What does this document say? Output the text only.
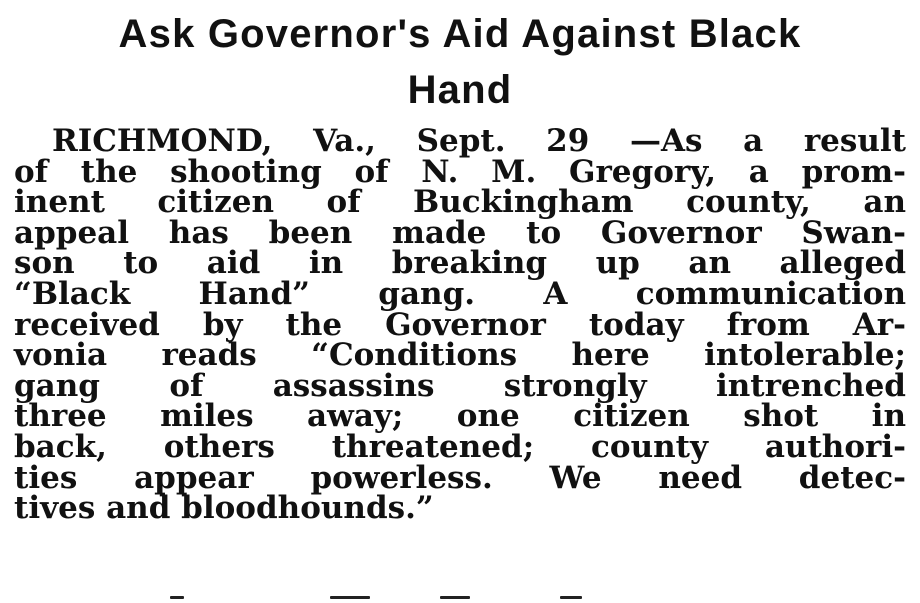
Ask Governor's Aid Against Black
Hand
RICHMOND, Va., Sept. 29 —As a result
of the shooting of N. M. Gregory, a prom-
inent citizen of Buckingham county, an
appeal has been made to Governor Swan-
son to aid in breaking up an alleged
“Black Hand” gang. A communication
received by the Governor today from Ar-
vonia reads “Conditions here intolerable;
gang of assassins strongly intrenched
three miles away; one citizen shot in
back, others threatened; county authori-
ties appear powerless. We need detec-
tives and bloodhounds.”
